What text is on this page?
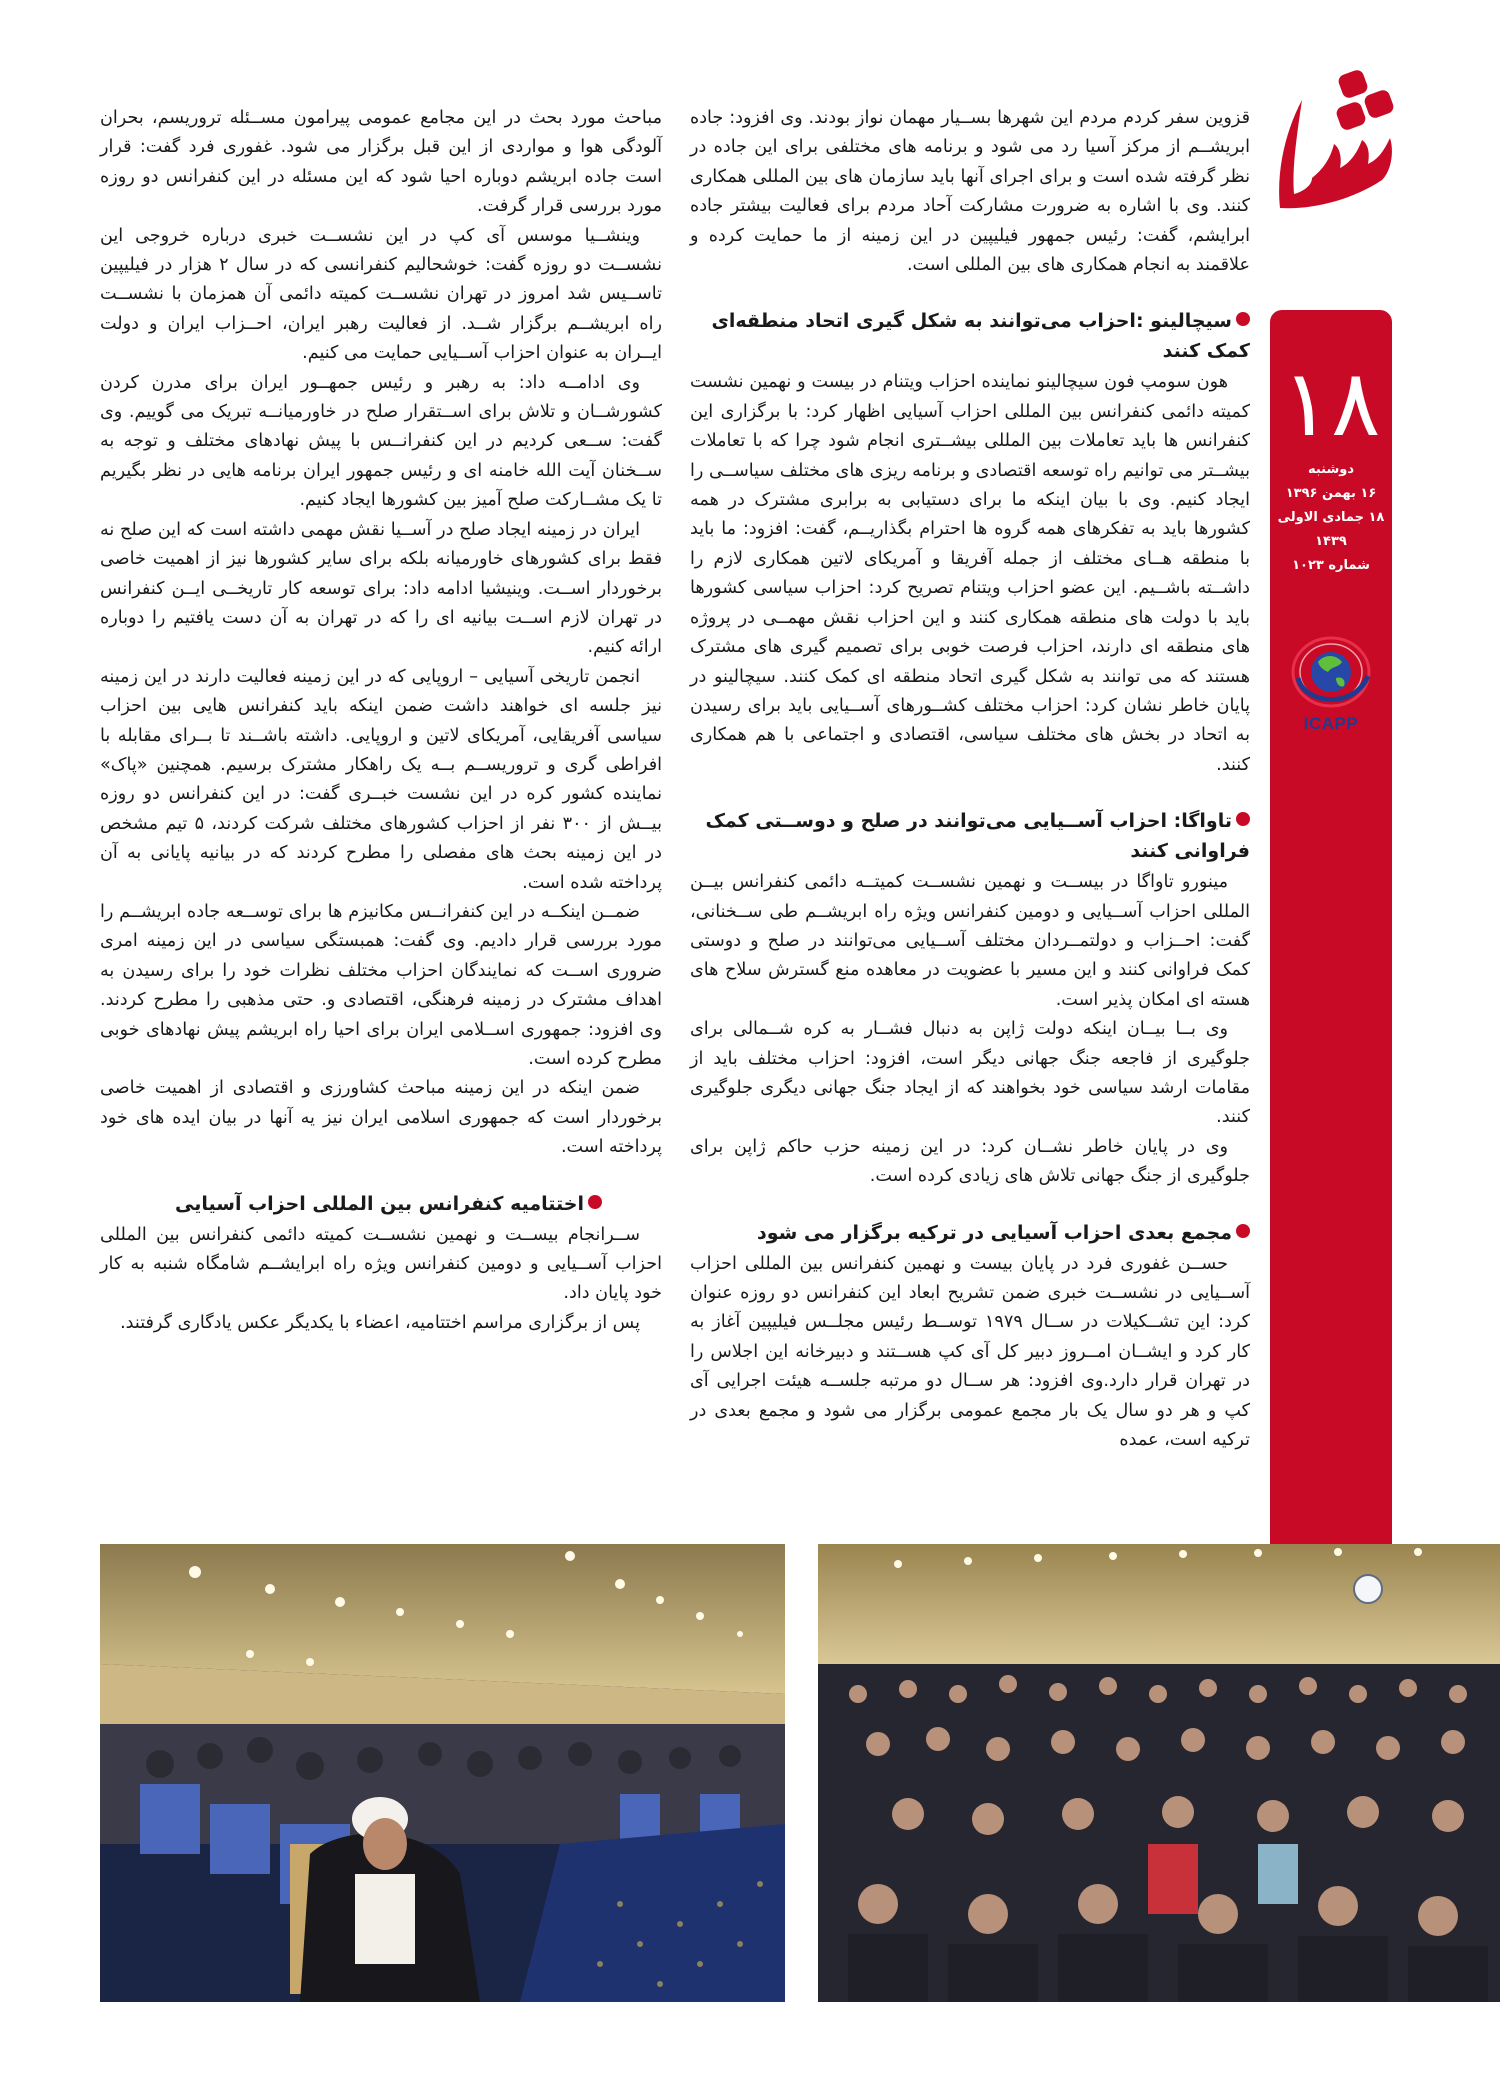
۱۸
دوشنبه
۱۶ بهمن ۱۳۹۶
۱۸ جمادی الاولی ۱۴۳۹
شماره ۱۰۲۳
ICAPP

قزوین سفر کردم مردم این شهرها بســیار مهمان نواز بودند. وی افزود: جاده ابریشــم از مرکز آسیا رد می شود و برنامه های مختلفی برای این جاده در نظر گرفته شده است و برای اجرای آنها باید سازمان های بین المللی همکاری کنند. وی با اشاره به ضرورت مشارکت آحاد مردم برای فعالیت بیشتر جاده ابرایشم، گفت: رئیس جمهور فیلیپین در این زمینه از ما حمایت کرده و علاقمند به انجام همکاری های بین المللی است.

سیچالینو :احزاب می‌توانند به شکل گیری اتحاد منطقه‌ای کمک کنند

هون سومپ فون سیچالینو نماینده احزاب ویتنام در بیست و نهمین نشست کمیته دائمی کنفرانس بین المللی احزاب آسیایی اظهار کرد: با برگزاری این کنفرانس ها باید تعاملات بین المللی بیشــتری انجام شود چرا که با تعاملات بیشــتر می توانیم راه توسعه اقتصادی و برنامه ریزی های مختلف سیاســی را ایجاد کنیم. وی با بیان اینکه ما برای دستیابی به برابری مشترک در همه کشورها باید به تفکرهای همه گروه ها احترام بگذاریــم، گفت: افزود: ما باید با منطقه هــای مختلف از جمله آفریقا و آمریکای لاتین همکاری لازم را داشــته باشــیم. این عضو احزاب ویتنام تصریح کرد: احزاب سیاسی کشورها باید با دولت های منطقه همکاری کنند و این احزاب نقش مهمــی در پروژه های منطقه ای دارند، احزاب فرصت خوبی برای تصمیم گیری های مشترک هستند که می توانند به شکل گیری اتحاد منطقه ای کمک کنند. سیچالینو در پایان خاطر نشان کرد: احزاب مختلف کشــورهای آســیایی باید برای رسیدن به اتحاد در بخش های مختلف سیاسی، اقتصادی و اجتماعی با هم همکاری کنند.

تاواگا: احزاب آســیایی می‌توانند در صلح و دوســتی کمک فراوانی کنند

مینورو تاواگا در بیســت و نهمین نشســت کمیتــه دائمی کنفرانس بیــن المللی احزاب آســیایی و دومین کنفرانس ویژه راه ابریشــم طی ســخنانی، گفت: احــزاب و دولتمــردان مختلف آســیایی می‌توانند در صلح و دوستی کمک فراوانی کنند و این مسیر با عضویت در معاهده منع گسترش سلاح های هسته ای امکان پذیر است.

وی بــا بیــان اینکه دولت ژاپن به دنبال فشــار به کره شــمالی برای جلوگیری از فاجعه جنگ جهانی دیگر است، افزود: احزاب مختلف باید از مقامات ارشد سیاسی خود بخواهند که از ایجاد جنگ جهانی دیگری جلوگیری کنند.

وی در پایان خاطر نشــان کرد: در این زمینه حزب حاکم ژاپن برای جلوگیری از جنگ جهانی تلاش های زیادی کرده است.

مجمع بعدی احزاب آسیایی در ترکیه برگزار می شود

حســن غفوری فرد در پایان بیست و نهمین کنفرانس بین المللی احزاب آســیایی در نشســت خبری ضمن تشریح ابعاد این کنفرانس دو روزه عنوان کرد: این تشــکیلات در ســال ۱۹۷۹ توســط رئیس مجلــس فیلیپین آغاز به کار کرد و ایشــان امــروز دبیر کل آی کپ هســتند و دبیرخانه این اجلاس را در تهران قرار دارد.وی افزود: هر ســال دو مرتبه جلســه هیئت اجرایی آی کپ و هر دو سال یک بار مجمع عمومی برگزار می شود و مجمع بعدی در ترکیه است، عمده

مباحث مورد بحث در این مجامع عمومی پیرامون مســئله تروریسم، بحران آلودگی هوا و مواردی از این قبل برگزار می شود. غفوری فرد گفت: قرار است جاده ابریشم دوباره احیا شود که این مسئله در این کنفرانس دو روزه مورد بررسی قرار گرفت.

وینشــیا موسس آی کپ در این نشســت خبری درباره خروجی این نشســت دو روزه گفت: خوشحالیم کنفرانسی که در سال ۲ هزار در فیلیپین تاســیس شد امروز در تهران نشســت کمیته دائمی آن همزمان با نشســت راه ابریشــم برگزار شــد. از فعالیت رهبر ایران، احــزاب ایران و دولت ایــران به عنوان احزاب آســیایی حمایت می کنیم.

وی ادامــه داد: به رهبر و رئیس جمهــور ایران برای مدرن کردن کشورشــان و تلاش برای اســتقرار صلح در خاورمیانــه تبریک می گوییم. وی گفت: ســعی کردیم در این کنفرانــس با پیش نهادهای مختلف و توجه به ســخنان آیت الله خامنه ای و رئیس جمهور ایران برنامه هایی در نظر بگیریم تا یک مشــارکت صلح آمیز بین کشورها ایجاد کنیم.

ایران در زمینه ایجاد صلح در آســیا نقش مهمی داشته است که این صلح نه فقط برای کشورهای خاورمیانه بلکه برای سایر کشورها نیز از اهمیت خاصی برخوردار اســت. وینیشیا ادامه داد: برای توسعه کار تاریخــی ایــن کنفرانس در تهران لازم اســت بیانیه ای را که در تهران به آن دست یافتیم را دوباره ارائه کنیم.

انجمن تاریخی آسیایی – اروپایی که در این زمینه فعالیت دارند در این زمینه نیز جلسه ای خواهند داشت ضمن اینکه باید کنفرانس هایی بین احزاب سیاسی آفریقایی، آمریکای لاتین و اروپایی. داشته باشــند تا بــرای مقابله با افراطی گری و تروریســم بــه یک راهکار مشترک برسیم. همچنین «پاک» نماینده کشور کره در این نشست خبــری گفت: در این کنفرانس دو روزه بیــش از ۳۰۰ نفر از احزاب کشورهای مختلف شرکت کردند، ۵ تیم مشخص در این زمینه بحث های مفصلی را مطرح کردند که در بیانیه پایانی به آن پرداخته شده است.

ضمــن اینکــه در این کنفرانــس مکانیزم ها برای توســعه جاده ابریشــم را مورد بررسی قرار دادیم. وی گفت: همبستگی سیاسی در این زمینه امری ضروری اســت که نمایندگان احزاب مختلف نظرات خود را برای رسیدن به اهداف مشترک در زمینه فرهنگی، اقتصادی و. حتی مذهبی را مطرح کردند. وی افزود: جمهوری اســلامی ایران برای احیا راه ابریشم پیش نهادهای خوبی مطرح کرده است.

ضمن اینکه در این زمینه مباحث کشاورزی و اقتصادی از اهمیت خاصی برخوردار است که جمهوری اسلامی ایران نیز یه آنها در بیان ایده های خود پرداخته است.

اختتامیه کنفرانس بین المللی احزاب آسیایی

ســرانجام بیســت و نهمین نشســت کمیته دائمی کنفرانس بین المللی احزاب آســیایی و دومین کنفرانس ویژه راه ابرایشــم شامگاه شنبه به کار خود پایان داد.

پس از برگزاری مراسم اختتامیه، اعضاء با یکدیگر عکس یادگاری گرفتند.
